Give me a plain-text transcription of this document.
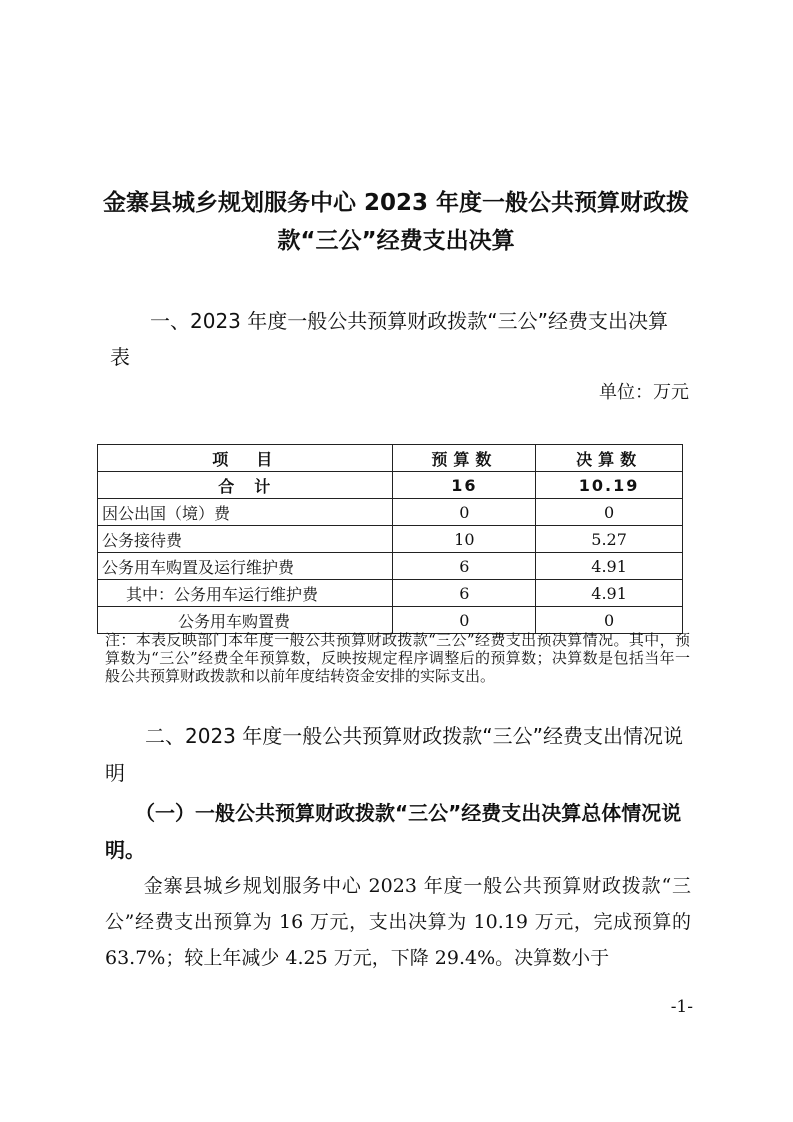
金寨县城乡规划服务中心 2023 年度一般公共预算财政拨
款“三公”经费支出决算
一、2023 年度一般公共预算财政拨款“三公”经费支出决算
表
单位：万元
项　目	预算数	决算数
合　计	16	10.19
因公出国（境）费	0	0
公务接待费	10	5.27
公务用车购置及运行维护费	6	4.91
其中：公务用车运行维护费	6	4.91
公务用车购置费	0	0
注：本表反映部门本年度一般公共预算财政拨款“三公”经费支出预决算情况。其中，预算数为“三公”经费全年预算数，反映按规定程序调整后的预算数；决算数是包括当年一般公共预算财政拨款和以前年度结转资金安排的实际支出。
二、2023 年度一般公共预算财政拨款“三公”经费支出情况说明
（一）一般公共预算财政拨款“三公”经费支出决算总体情况说明。
金寨县城乡规划服务中心 2023 年度一般公共预算财政拨款“三公”经费支出预算为 16 万元，支出决算为 10.19 万元，完成预算的 63.7%；较上年减少 4.25 万元，下降 29.4%。决算数小于
-1-
